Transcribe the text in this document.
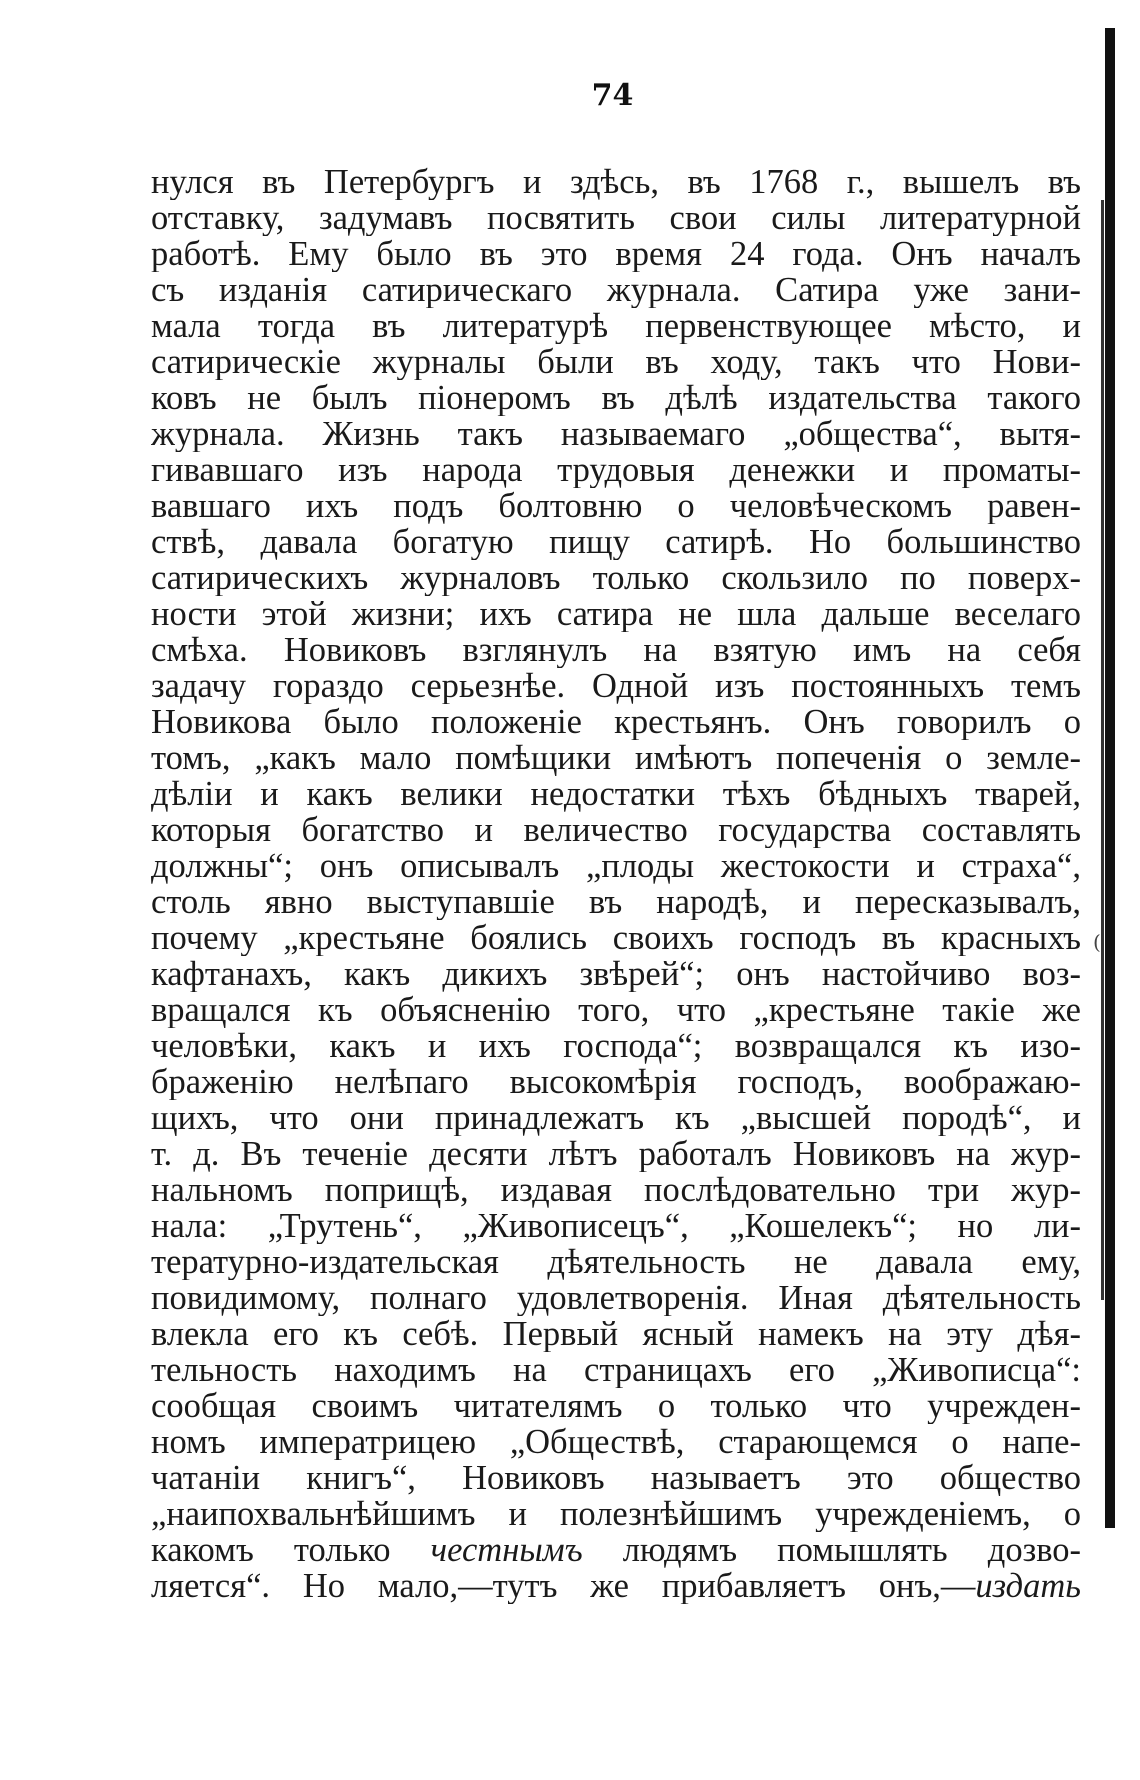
(
74
нулся въ Петербургъ и здѣсь, въ 1768 г., вышелъ въ
отставку, задумавъ посвятить свои силы литературной
работѣ. Ему было въ это время 24 года. Онъ началъ
съ изданія сатирическаго журнала. Сатира уже зани-
мала тогда въ литературѣ первенствующее мѣсто, и
сатирическіе журналы были въ ходу, такъ что Нови-
ковъ не былъ піонеромъ въ дѣлѣ издательства такого
журнала. Жизнь такъ называемаго „общества“, вытя-
гивавшаго изъ народа трудовыя денежки и проматы-
вавшаго ихъ подъ болтовню о человѣческомъ равен-
ствѣ, давала богатую пищу сатирѣ. Но большинство
сатирическихъ журналовъ только скользило по поверх-
ности этой жизни; ихъ сатира не шла дальше веселаго
смѣха. Новиковъ взглянулъ на взятую имъ на себя
задачу гораздо серьезнѣе. Одной изъ постоянныхъ темъ
Новикова было положеніе крестьянъ. Онъ говорилъ о
томъ, „какъ мало помѣщики имѣютъ попеченія о земле-
дѣліи и какъ велики недостатки тѣхъ бѣдныхъ тварей,
которыя богатство и величество государства составлять
должны“; онъ описывалъ „плоды жестокости и страха“,
столь явно выступавшіе въ народѣ, и пересказывалъ,
почему „крестьяне боялись своихъ господъ въ красныхъ
кафтанахъ, какъ дикихъ звѣрей“; онъ настойчиво воз-
вращался къ объясненію того, что „крестьяне такіе же
человѣки, какъ и ихъ господа“; возвращался къ изо-
браженію нелѣпаго высокомѣрія господъ, воображаю-
щихъ, что они принадлежатъ къ „высшей породѣ“, и
т. д. Въ теченіе десяти лѣтъ работалъ Новиковъ на жур-
нальномъ поприщѣ, издавая послѣдовательно три жур-
нала: „Трутень“, „Живописецъ“, „Кошелекъ“; но ли-
тературно-издательская дѣятельность не давала ему,
повидимому, полнаго удовлетворенія. Иная дѣятельность
влекла его къ себѣ. Первый ясный намекъ на эту дѣя-
тельность находимъ на страницахъ его „Живописца“:
сообщая своимъ читателямъ о только что учрежден-
номъ императрицею „Обществѣ, старающемся о напе-
чатаніи книгъ“, Новиковъ называетъ это общество
„наипохвальнѣйшимъ и полезнѣйшимъ учрежденіемъ, о
какомъ только честнымъ людямъ помышлять дозво-
ляется“. Но мало,—тутъ же прибавляетъ онъ,—издать
